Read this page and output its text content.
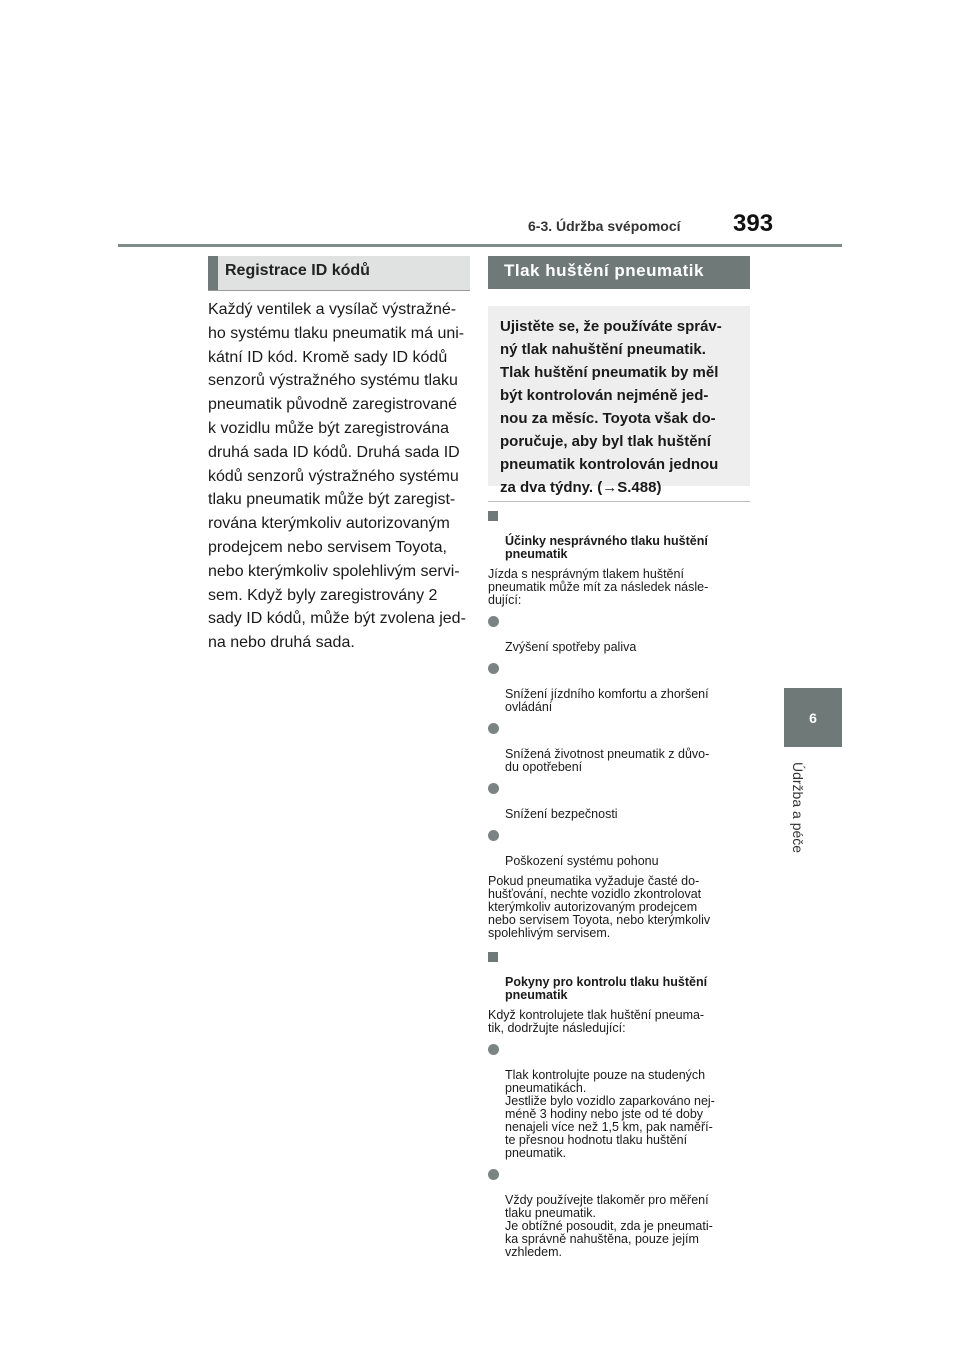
6-3. Údržba svépomocí 393
6
Údržba a péče
Registrace ID kódů
Každý ventilek a vysílač výstražné-
ho systému tlaku pneumatik má uni-
kátní ID kód. Kromě sady ID kódů
senzorů výstražného systému tlaku
pneumatik původně zaregistrované
k vozidlu může být zaregistrována
druhá sada ID kódů. Druhá sada ID
kódů senzorů výstražného systému
tlaku pneumatik může být zaregist-
rována kterýmkoliv autorizovaným
prodejcem nebo servisem Toyota,
nebo kterýmkoliv spolehlivým servi-
sem. Když byly zaregistrovány 2
sady ID kódů, může být zvolena jed-
na nebo druhá sada.
Tlak huštění pneumatik
Ujistěte se, že používáte správ-
ný tlak nahuštění pneumatik.
Tlak huštění pneumatik by měl
být kontrolován nejméně jed-
nou za měsíc. Toyota však do-
poručuje, aby byl tlak huštění
pneumatik kontrolován jednou
za dva týdny. (→S.488)

Účinky nesprávného tlaku huštění
pneumatik

Jízda s nesprávným tlakem huštění
pneumatik může mít za následek násle-
dující:

Zvýšení spotřeby paliva

Snížení jízdního komfortu a zhoršení
ovládání

Snížená životnost pneumatik z důvo-
du opotřebení

Snížení bezpečnosti

Poškození systému pohonu

Pokud pneumatika vyžaduje časté do-
hušťování, nechte vozidlo zkontrolovat
kterýmkoliv autorizovaným prodejcem
nebo servisem Toyota, nebo kterýmkoliv
spolehlivým servisem.

Pokyny pro kontrolu tlaku huštění
pneumatik

Když kontrolujete tlak huštění pneuma-
tik, dodržujte následující:

Tlak kontrolujte pouze na studených
pneumatikách.
Jestliže bylo vozidlo zaparkováno nej-
méně 3 hodiny nebo jste od té doby
nenajeli více než 1,5 km, pak naměří-
te přesnou hodnotu tlaku huštění
pneumatik.

Vždy používejte tlakoměr pro měření
tlaku pneumatik.
Je obtížné posoudit, zda je pneumati-
ka správně nahuštěna, pouze jejím
vzhledem.
